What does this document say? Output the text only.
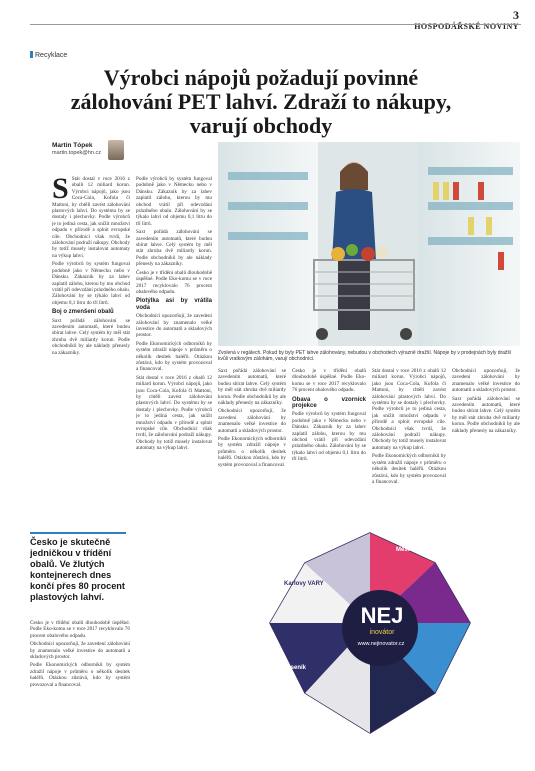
3
HOSPODÁŘSKÉ NOVINY
Recyklace
Výrobci nápojů požadují povinné zálohování PET lahví. Zdraží to nákupy, varují obchody
Martin Tópek
martin.topek@hn.cz
S Stát dostal v roce 2016 z obalů 12 miliard korun. Výrobci nápojů, jako jsou Coca-Cola, Kofola či Mattoni, by chtěli zavést zálohování plastových lahví. Do systému by se dostaly i plechovky. Podle výrobců je to jediná cesta, jak snížit množství odpadu v přírodě a splnit evropské cíle. Obchodníci však tvrdí, že zálohování podraží nákupy. Obchody by totiž musely instalovat automaty na výkup lahví.

Podle výrobců by systém fungoval podobně jako v Německu nebo v Dánsku. Zákazník by za lahev zaplatil zálohu, kterou by mu obchod vrátil při odevzdání prázdného obalu. Zálohování by se týkalo lahví od objemu 0,1 litru do tří litrů.

Boj o zmenšení obalů

Saxt pořádá zálohování se zavedením automatů, které budou sbírat lahve. Celý systém by měl stát zhruba dvě miliardy korun. Podle obchodníků by ale náklady přenesly na zákazníky.

Česko je skutečně jedničkou v třídění obalů. Ve žlutých kontejnerech dnes končí přes 80 procent plastových lahví.

Česko je v třídění obalů dlouhodobě úspěšné. Podle Eko-komu se v roce 2017 recyklovalo 76 procent obalového odpadu.

Obchodníci upozorňují, že zavedení zálohování by znamenalo velké investice do automatů a skladových prostor.

Podle Ekonomických odborníků by systém zdražil nápoje v průměru o několik desítek haléřů. Otázkou zůstává, kdo by systém provozoval a financoval.

Podle výrobců by systém fungoval podobně jako v Německu nebo v Dánsku. Zákazník by za lahev zaplatil zálohu, kterou by mu obchod vrátil při odevzdání prázdného obalu. Zálohování by se týkalo lahví od objemu 0,1 litru do tří litrů.

Saxt pořádá zálohování se zavedením automatů, které budou sbírat lahve. Celý systém by měl stát zhruba dvě miliardy korun. Podle obchodníků by ale náklady přenesly na zákazníky.

Česko je v třídění obalů dlouhodobě úspěšné. Podle Eko-komu se v roce 2017 recyklovalo 76 procent obalového odpadu.

Plotýlka asi by vrátila voda

Obchodníci upozorňují, že zavedení zálohování by znamenalo velké investice do automatů a skladových prostor.

Podle Ekonomických odborníků by systém zdražil nápoje v průměru o několik desítek haléřů. Otázkou zůstává, kdo by systém provozoval a financoval.

Stát dostal v roce 2016 z obalů 12 miliard korun. Výrobci nápojů, jako jsou Coca-Cola, Kofola či Mattoni, by chtěli zavést zálohování plastových lahví. Do systému by se dostaly i plechovky. Podle výrobců je to jediná cesta, jak snížit množství odpadu v přírodě a splnit evropské cíle. Obchodníci však tvrdí, že zálohování podraží nákupy. Obchody by totiž musely instalovat automaty na výkup lahví.

Zvolená v regálech. Pokud by byly PET lahve zálohovány, nebudou v obchodech výrazně dražší. Nápoje by v prodejnách byly dražší kvůli vratkovým zálohám, varují obchodníci.

Saxt pořádá zálohování se zavedením automatů, které budou sbírat lahve. Celý systém by měl stát zhruba dvě miliardy korun. Podle obchodníků by ale náklady přenesly na zákazníky.

Obchodníci upozorňují, že zavedení zálohování by znamenalo velké investice do automatů a skladových prostor.

Podle Ekonomických odborníků by systém zdražil nápoje v průměru o několik desítek haléřů. Otázkou zůstává, kdo by systém provozoval a financoval.

Česko je v třídění obalů dlouhodobě úspěšné. Podle Eko-komu se v roce 2017 recyklovalo 76 procent obalového odpadu.

Obava o vzorníck projekce

Podle výrobců by systém fungoval podobně jako v Německu nebo v Dánsku. Zákazník by za lahev zaplatil zálohu, kterou by mu obchod vrátil při odevzdání prázdného obalu. Zálohování by se týkalo lahví od objemu 0,1 litru do tří litrů.

Stát dostal v roce 2016 z obalů 12 miliard korun. Výrobci nápojů, jako jsou Coca-Cola, Kofola či Mattoni, by chtěli zavést zálohování plastových lahví. Do systému by se dostaly i plechovky. Podle výrobců je to jediná cesta, jak snížit množství odpadu v přírodě a splnit evropské cíle. Obchodníci však tvrdí, že zálohování podraží nákupy. Obchody by totiž musely instalovat automaty na výkup lahví.

Podle Ekonomických odborníků by systém zdražil nápoje v průměru o několik desítek haléřů. Otázkou zůstává, kdo by systém provozoval a financoval.

Obchodníci upozorňují, že zavedení zálohování by znamenalo velké investice do automatů a skladových prostor.

Saxt pořádá zálohování se zavedením automatů, které budou sbírat lahve. Celý systém by měl stát zhruba dvě miliardy korun. Podle obchodníků by ale náklady přenesly na zákazníky.

NEJ
inovátor
www.nejinovator.cz
Město Plzeň
Karlovy VARY
Jeseník
BÍLINA
5M
